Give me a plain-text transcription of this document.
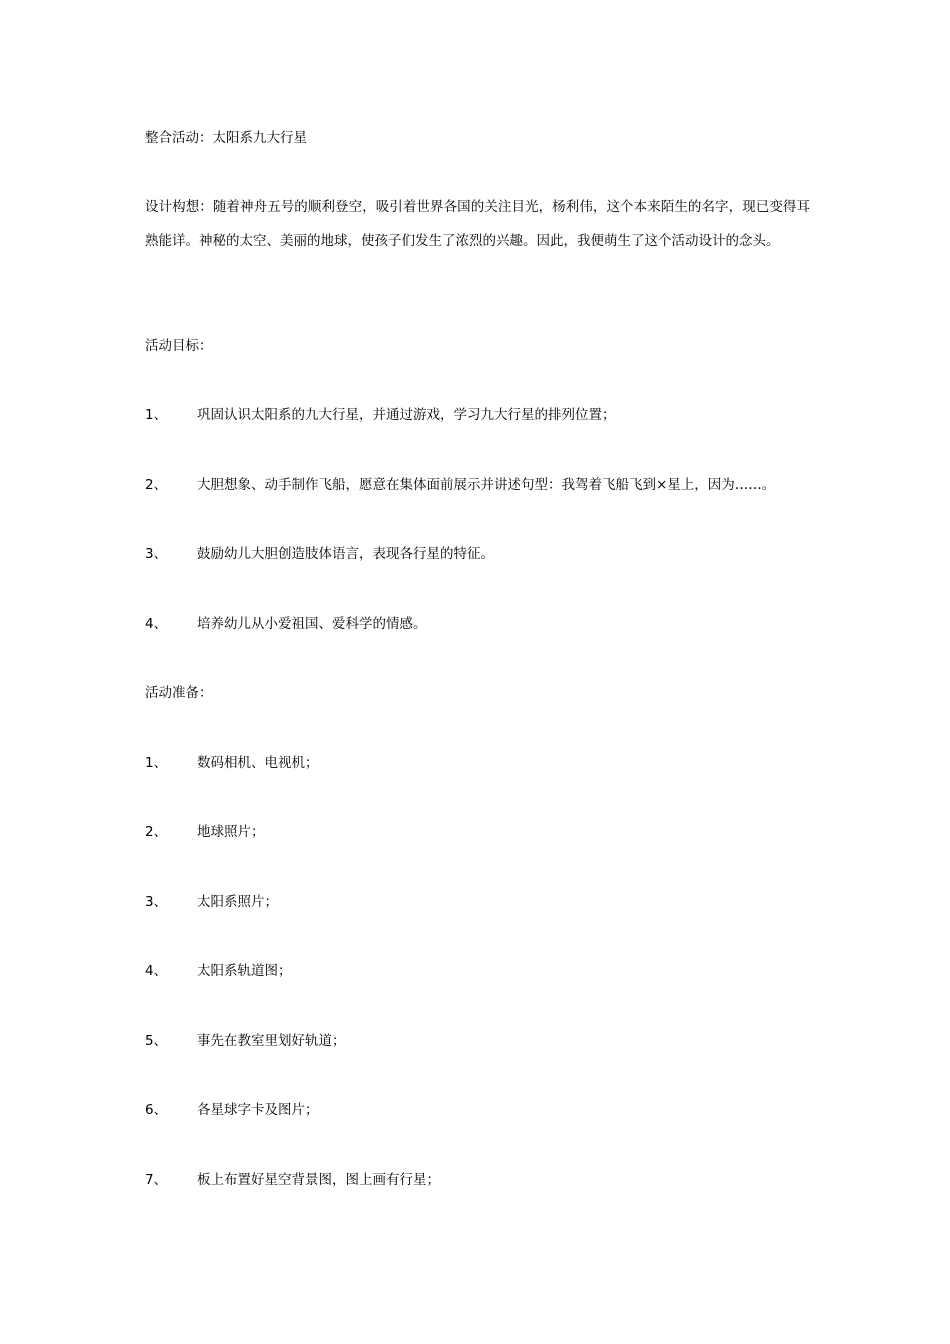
整合活动：太阳系九大行星

设计构想：随着神舟五号的顺利登空，吸引着世界各国的关注目光，杨利伟，这个本来陌生的名字，现已变得耳熟能详。神秘的太空、美丽的地球，使孩子们发生了浓烈的兴趣。因此，我便萌生了这个活动设计的念头。

活动目标：

1、 巩固认识太阳系的九大行星，并通过游戏，学习九大行星的排列位置；

2、 大胆想象、动手制作飞船，愿意在集体面前展示并讲述句型：我驾着飞船飞到×星上，因为……。

3、 鼓励幼儿大胆创造肢体语言，表现各行星的特征。

4、 培养幼儿从小爱祖国、爱科学的情感。

活动准备：

1、 数码相机、电视机；

2、 地球照片；

3、 太阳系照片；

4、 太阳系轨道图；

5、 事先在教室里划好轨道；

6、 各星球字卡及图片；

7、 板上布置好星空背景图，图上画有行星；
